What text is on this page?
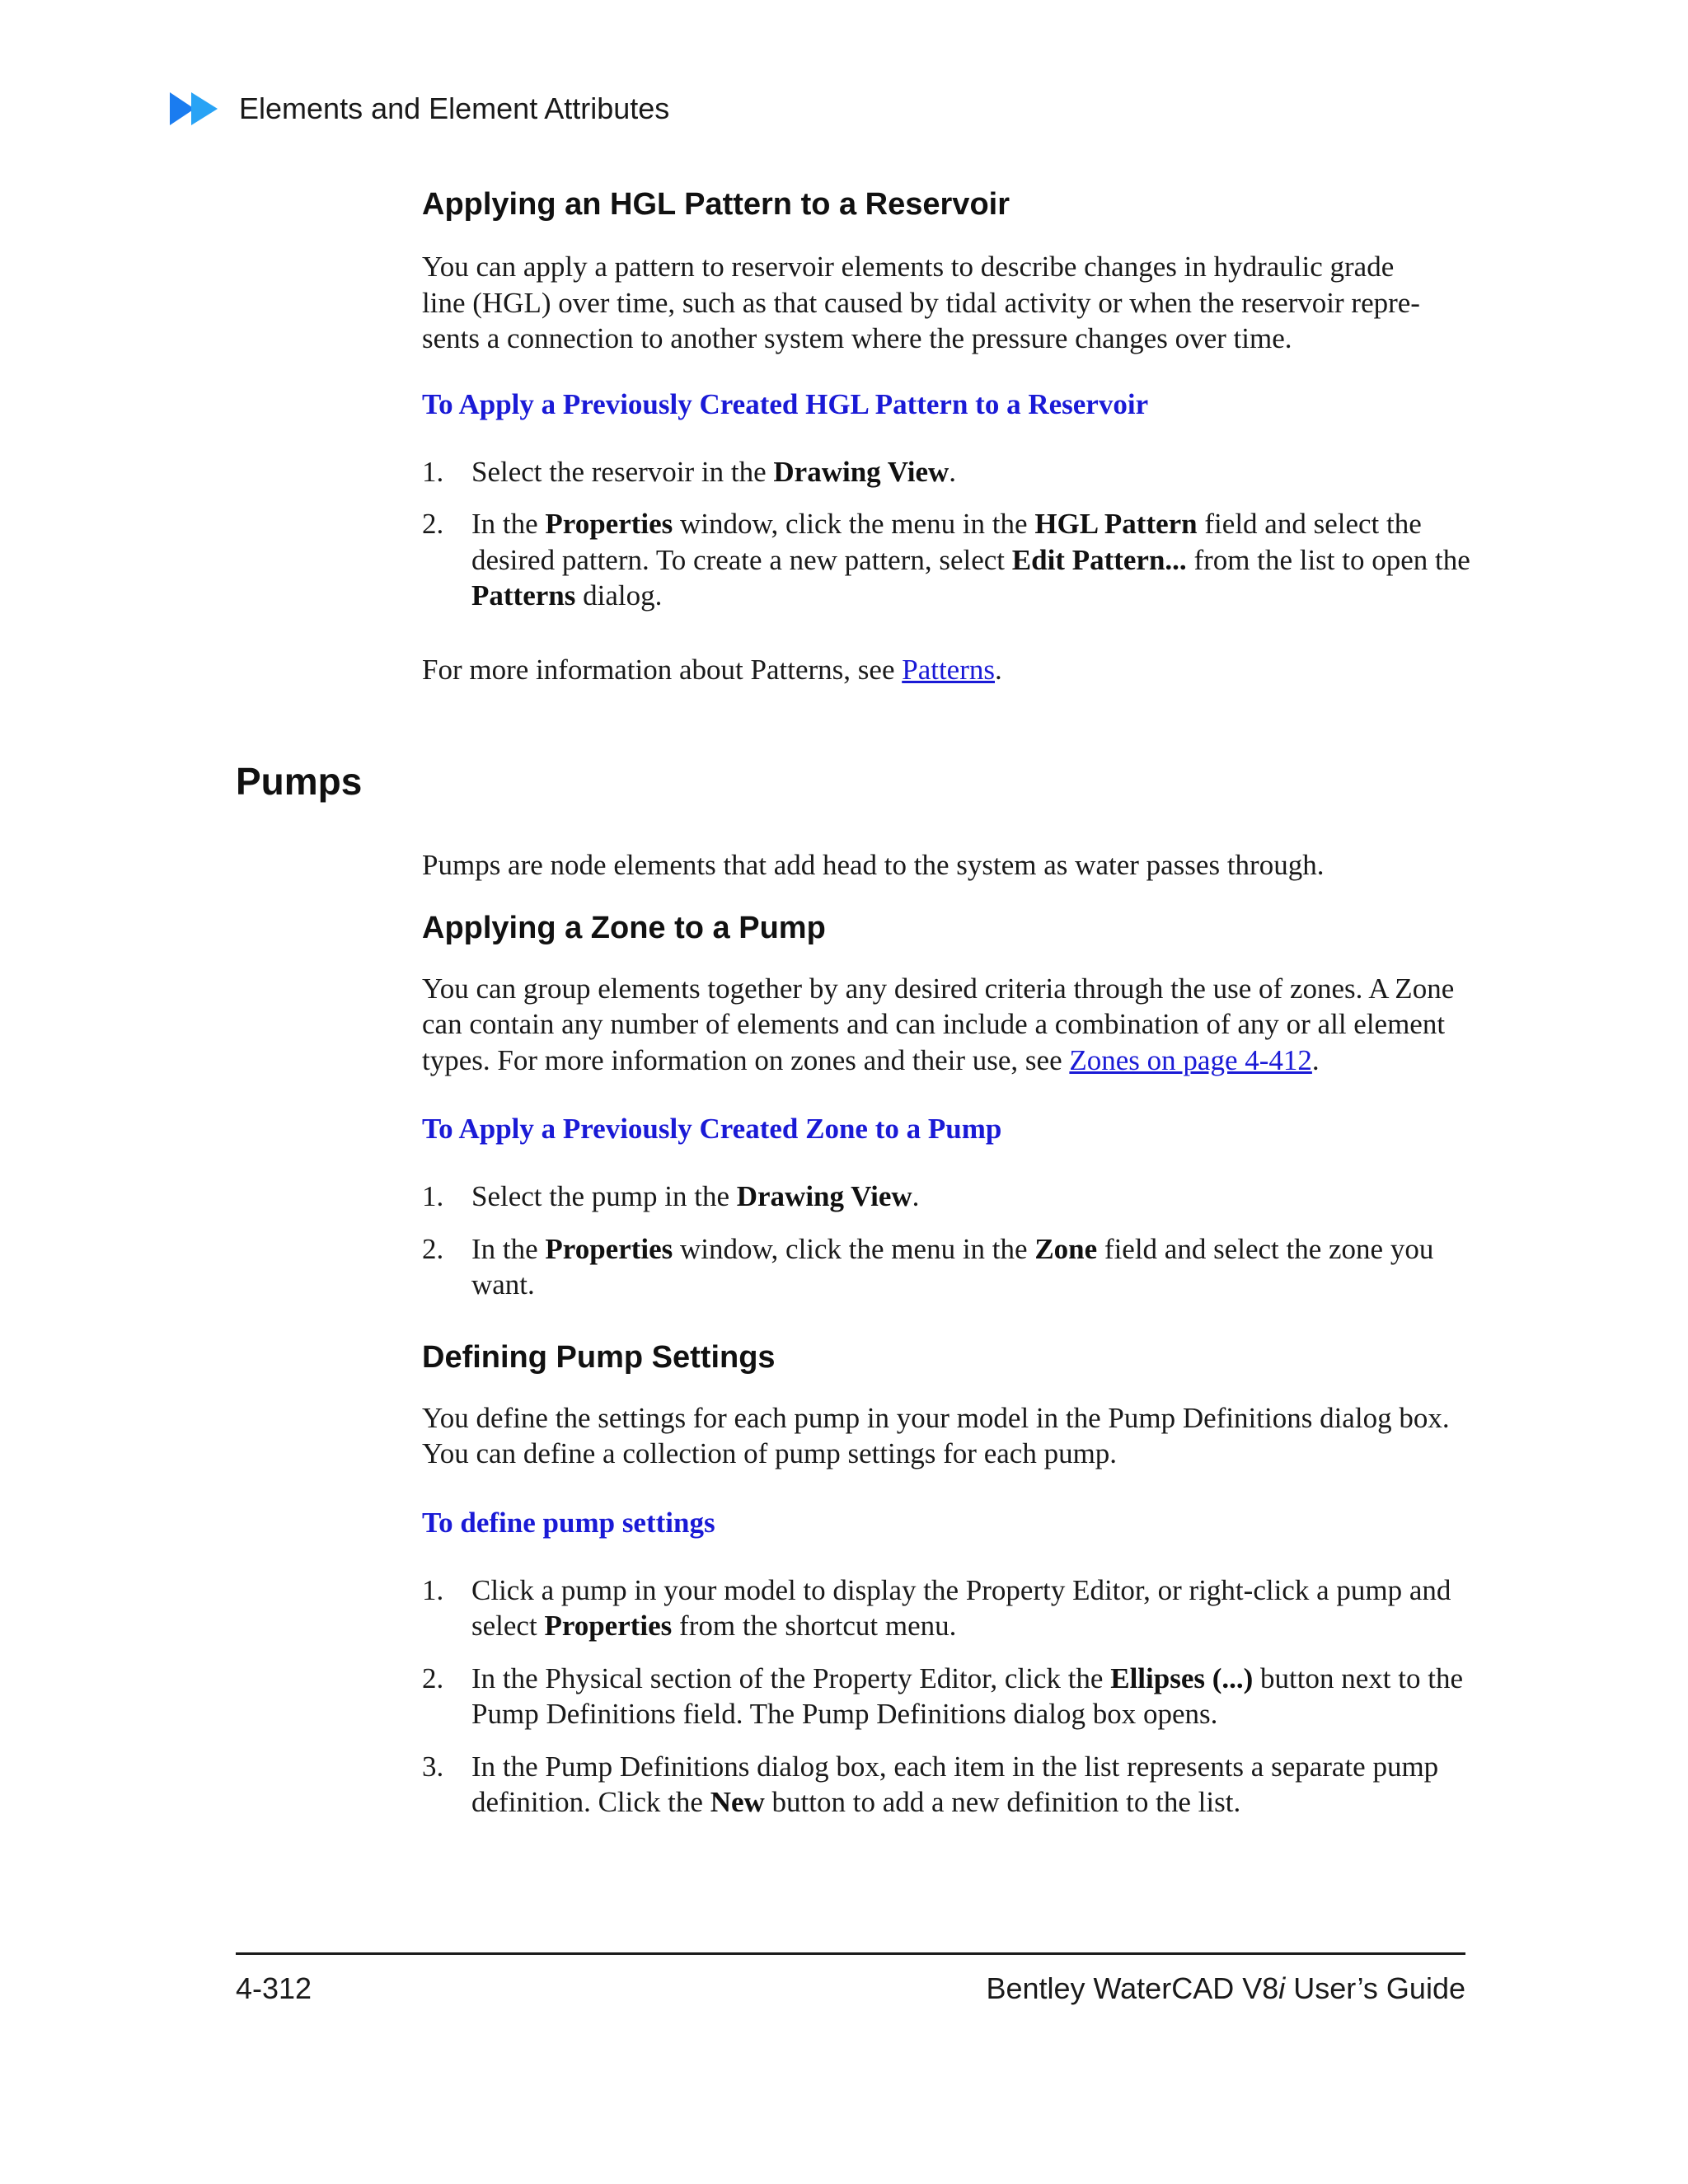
Elements and Element Attributes
Applying an HGL Pattern to a Reservoir

You can apply a pattern to reservoir elements to describe changes in hydraulic grade
line (HGL) over time, such as that caused by tidal activity or when the reservoir repre-
sents a connection to another system where the pressure changes over time.

To Apply a Previously Created HGL Pattern to a Reservoir

1. Select the reservoir in the Drawing View.
2. In the Properties window, click the menu in the HGL Pattern field and select the desired pattern. To create a new pattern, select Edit Pattern... from the list to open the Patterns dialog.

For more information about Patterns, see Patterns.

Pumps

Pumps are node elements that add head to the system as water passes through.

Applying a Zone to a Pump

You can group elements together by any desired criteria through the use of zones. A Zone can contain any number of elements and can include a combination of any or all element types. For more information on zones and their use, see Zones on page 4-412.

To Apply a Previously Created Zone to a Pump

1. Select the pump in the Drawing View.
2. In the Properties window, click the menu in the Zone field and select the zone you want.
Defining Pump Settings

You define the settings for each pump in your model in the Pump Definitions dialog box. You can define a collection of pump settings for each pump.

To define pump settings

1. Click a pump in your model to display the Property Editor, or right-click a pump and select Properties from the shortcut menu.
2. In the Physical section of the Property Editor, click the Ellipses (...) button next to the Pump Definitions field. The Pump Definitions dialog box opens.
3. In the Pump Definitions dialog box, each item in the list represents a separate pump definition. Click the New button to add a new definition to the list.
4-312	Bentley WaterCAD V8i User’s Guide
